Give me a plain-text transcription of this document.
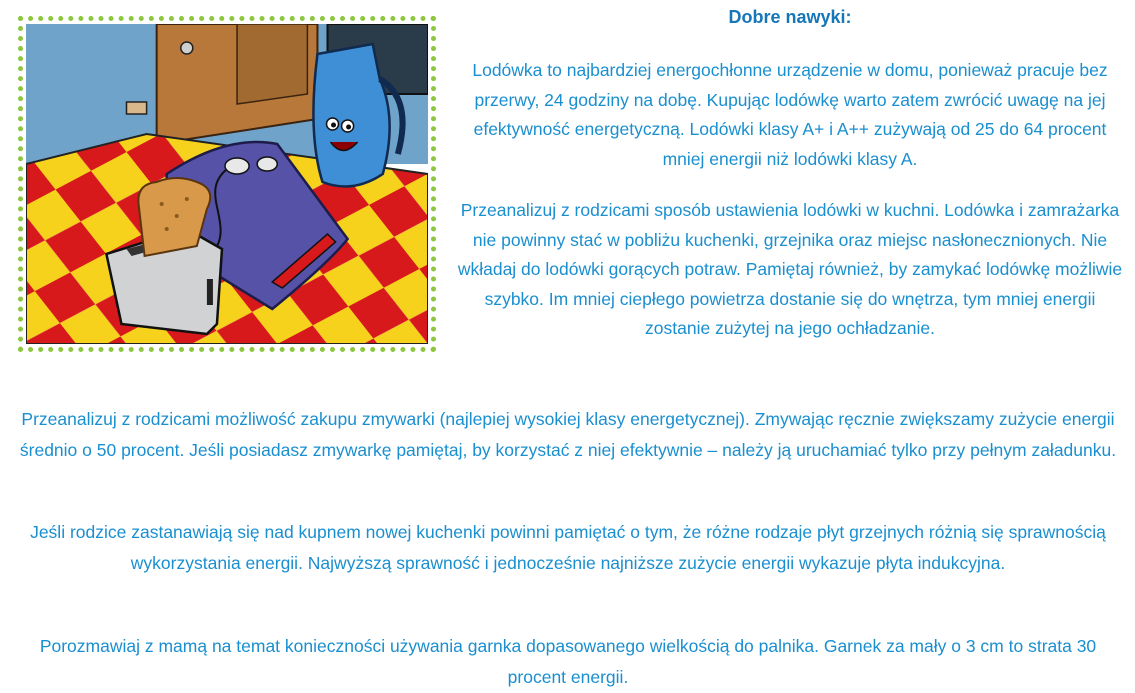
Dobre nawyki:

Lodówka to najbardziej energochłonne urządzenie w domu, ponieważ pracuje bez przerwy, 24 godziny na dobę. Kupując lodówkę warto zatem zwrócić uwagę na jej efektywność energetyczną. Lodówki klasy A+ i A++ zużywają od 25 do 64 procent mniej energii niż lodówki klasy A.

Przeanalizuj z rodzicami sposób ustawienia lodówki w kuchni. Lodówka i zamrażarka nie powinny stać w pobliżu kuchenki, grzejnika oraz miejsc nasłonecznionych. Nie wkładaj do lodówki gorących potraw. Pamiętaj również, by zamykać lodówkę możliwie szybko. Im mniej ciepłego powietrza dostanie się do wnętrza, tym mniej energii zostanie zużytej na jego ochładzanie.

Przeanalizuj z rodzicami możliwość zakupu zmywarki (najlepiej wysokiej klasy energetycznej). Zmywając ręcznie zwiększamy zużycie energii średnio o 50 procent. Jeśli posiadasz zmywarkę pamiętaj, by korzystać z niej efektywnie – należy ją uruchamiać tylko przy pełnym załadunku.

Jeśli rodzice zastanawiają się nad kupnem nowej kuchenki powinni pamiętać o tym, że różne rodzaje płyt grzejnych różnią się sprawnością wykorzystania energii. Najwyższą sprawność i jednocześnie najniższe zużycie energii wykazuje płyta indukcyjna.

Porozmawiaj z mamą na temat konieczności używania garnka dopasowanego wielkością do palnika. Garnek za mały o 3 cm to strata 30 procent energii.
